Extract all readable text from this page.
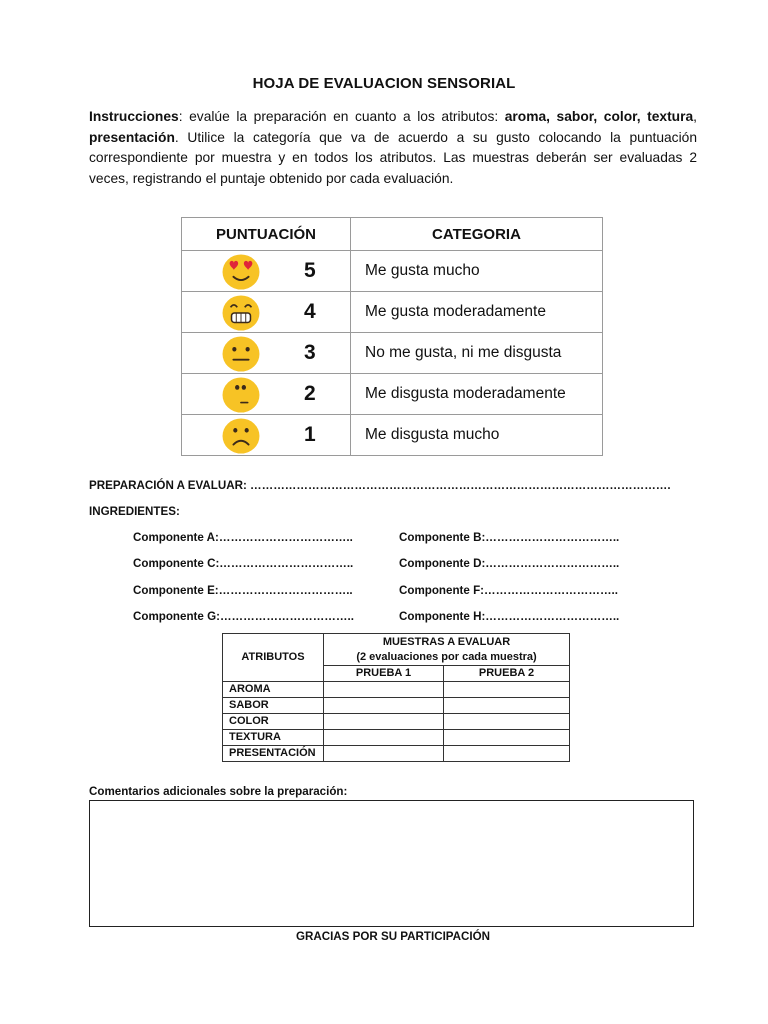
HOJA DE EVALUACION SENSORIAL
Instrucciones: evalúe la preparación en cuanto a los atributos: aroma, sabor, color, textura, presentación. Utilice la categoría que va de acuerdo a su gusto colocando la puntuación correspondiente por muestra y en todos los atributos. Las muestras deberán ser evaluadas 2 veces, registrando el puntaje obtenido por cada evaluación.
PUNTUACIÓN	CATEGORIA

5	Me gusta mucho

4	Me gusta moderadamente

3	No me gusta, ni me disgusta

2	Me disgusta moderadamente

1	Me disgusta mucho
PREPARACIÓN A EVALUAR: ……………………………………………………………………………………………….
INGREDIENTES:
Componente A:……………………………..	Componente B:……………………………..
Componente C:……………………………..	Componente D:……………………………..
Componente E:……………………………..	Componente F:……………………………..
Componente G:……………………………..	Componente H:……………………………..
ATRIBUTOS	MUESTRAS A EVALUAR
(2 evaluaciones por cada muestra)	

	PRUEBA 1	PRUEBA 2
AROMA		
SABOR		
COLOR		
TEXTURA		
PRESENTACIÓN		
Comentarios adicionales sobre la preparación:
GRACIAS POR SU PARTICIPACIÓN
